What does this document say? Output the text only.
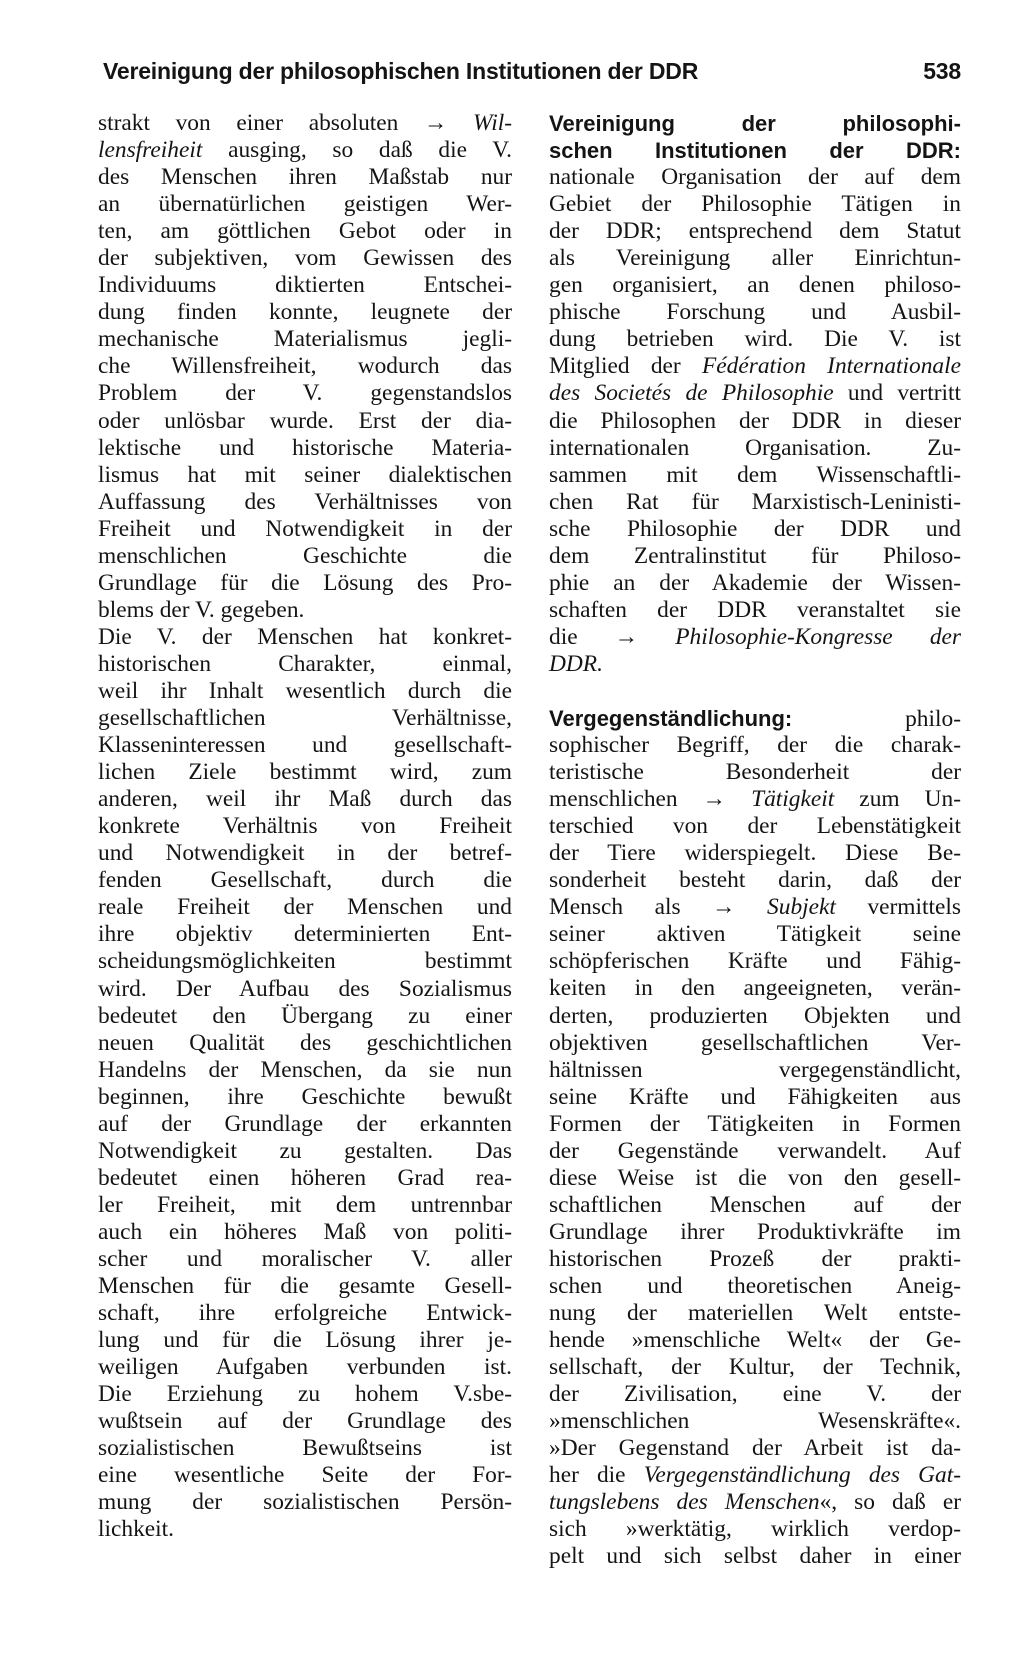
Vereinigung der philosophischen Institutionen der DDR	538
strakt von einer absoluten → Wil-
lensfreiheit ausging, so daß die V.
des Menschen ihren Maßstab nur
an übernatürlichen geistigen Wer-
ten, am göttlichen Gebot oder in
der subjektiven, vom Gewissen des
Individuums diktierten Entschei-
dung finden konnte, leugnete der
mechanische Materialismus jegli-
che Willensfreiheit, wodurch das
Problem der V. gegenstandslos
oder unlösbar wurde. Erst der dia-
lektische und historische Materia-
lismus hat mit seiner dialektischen
Auffassung des Verhältnisses von
Freiheit und Notwendigkeit in der
menschlichen Geschichte die
Grundlage für die Lösung des Pro-
blems der V. gegeben.
Die V. der Menschen hat konkret-
historischen Charakter, einmal,
weil ihr Inhalt wesentlich durch die
gesellschaftlichen Verhältnisse,
Klasseninteressen und gesellschaft-
lichen Ziele bestimmt wird, zum
anderen, weil ihr Maß durch das
konkrete Verhältnis von Freiheit
und Notwendigkeit in der betref-
fenden Gesellschaft, durch die
reale Freiheit der Menschen und
ihre objektiv determinierten Ent-
scheidungsmöglichkeiten bestimmt
wird. Der Aufbau des Sozialismus
bedeutet den Übergang zu einer
neuen Qualität des geschichtlichen
Handelns der Menschen, da sie nun
beginnen, ihre Geschichte bewußt
auf der Grundlage der erkannten
Notwendigkeit zu gestalten. Das
bedeutet einen höheren Grad rea-
ler Freiheit, mit dem untrennbar
auch ein höheres Maß von politi-
scher und moralischer V. aller
Menschen für die gesamte Gesell-
schaft, ihre erfolgreiche Entwick-
lung und für die Lösung ihrer je-
weiligen Aufgaben verbunden ist.
Die Erziehung zu hohem V.sbe-
wußtsein auf der Grundlage des
sozialistischen Bewußtseins ist
eine wesentliche Seite der For-
mung der sozialistischen Persön-
lichkeit.
Vereinigung der philosophi-
schen Institutionen der DDR:
nationale Organisation der auf dem
Gebiet der Philosophie Tätigen in
der DDR; entsprechend dem Statut
als Vereinigung aller Einrichtun-
gen organisiert, an denen philoso-
phische Forschung und Ausbil-
dung betrieben wird. Die V. ist
Mitglied der Fédération Internationale
des Societés de Philosophie und vertritt
die Philosophen der DDR in dieser
internationalen Organisation. Zu-
sammen mit dem Wissenschaftli-
chen Rat für Marxistisch-Leninisti-
sche Philosophie der DDR und
dem Zentralinstitut für Philoso-
phie an der Akademie der Wissen-
schaften der DDR veranstaltet sie
die → Philosophie-Kongresse der
DDR.
Vergegenständlichung: philo-
sophischer Begriff, der die charak-
teristische Besonderheit der
menschlichen → Tätigkeit zum Un-
terschied von der Lebenstätigkeit
der Tiere widerspiegelt. Diese Be-
sonderheit besteht darin, daß der
Mensch als → Subjekt vermittels
seiner aktiven Tätigkeit seine
schöpferischen Kräfte und Fähig-
keiten in den angeeigneten, verän-
derten, produzierten Objekten und
objektiven gesellschaftlichen Ver-
hältnissen vergegenständlicht,
seine Kräfte und Fähigkeiten aus
Formen der Tätigkeiten in Formen
der Gegenstände verwandelt. Auf
diese Weise ist die von den gesell-
schaftlichen Menschen auf der
Grundlage ihrer Produktivkräfte im
historischen Prozeß der prakti-
schen und theoretischen Aneig-
nung der materiellen Welt entste-
hende »menschliche Welt« der Ge-
sellschaft, der Kultur, der Technik,
der Zivilisation, eine V. der
»menschlichen Wesenskräfte«.
»Der Gegenstand der Arbeit ist da-
her die Vergegenständlichung des Gat-
tungslebens des Menschen«, so daß er
sich »werktätig, wirklich verdop-
pelt und sich selbst daher in einer
